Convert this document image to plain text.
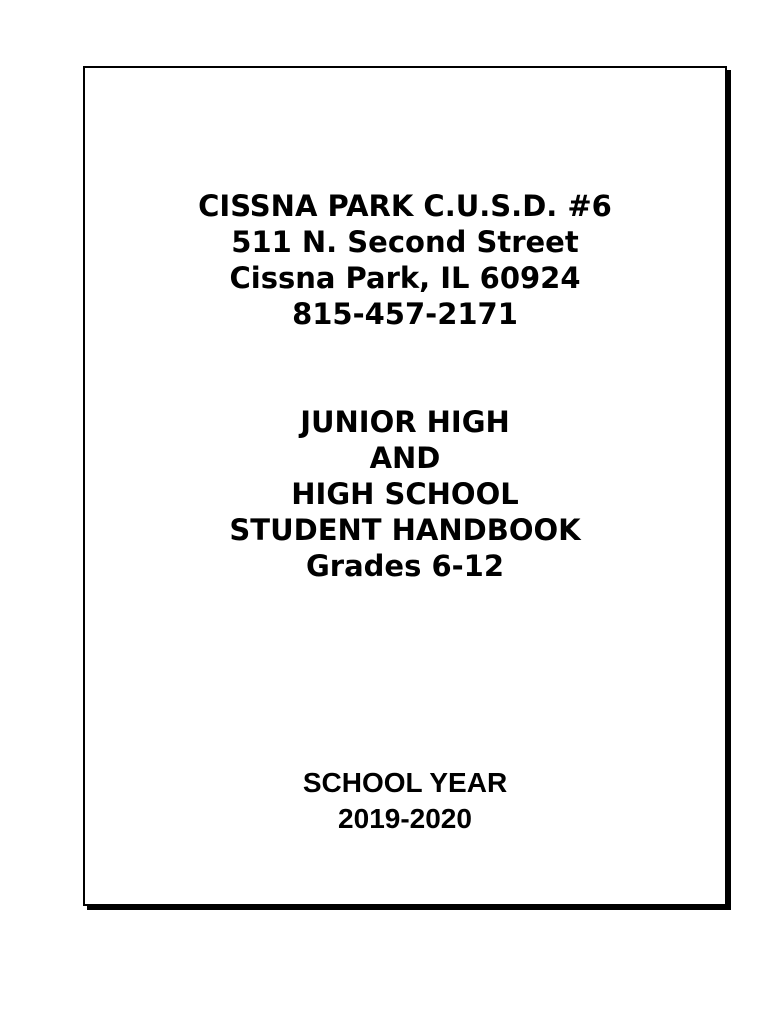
CISSNA PARK C.U.S.D. #6

511 N. Second Street

Cissna Park, IL 60924

815-457-2171

JUNIOR HIGH

AND

HIGH SCHOOL

STUDENT HANDBOOK

Grades 6-12

SCHOOL YEAR

2019-2020
